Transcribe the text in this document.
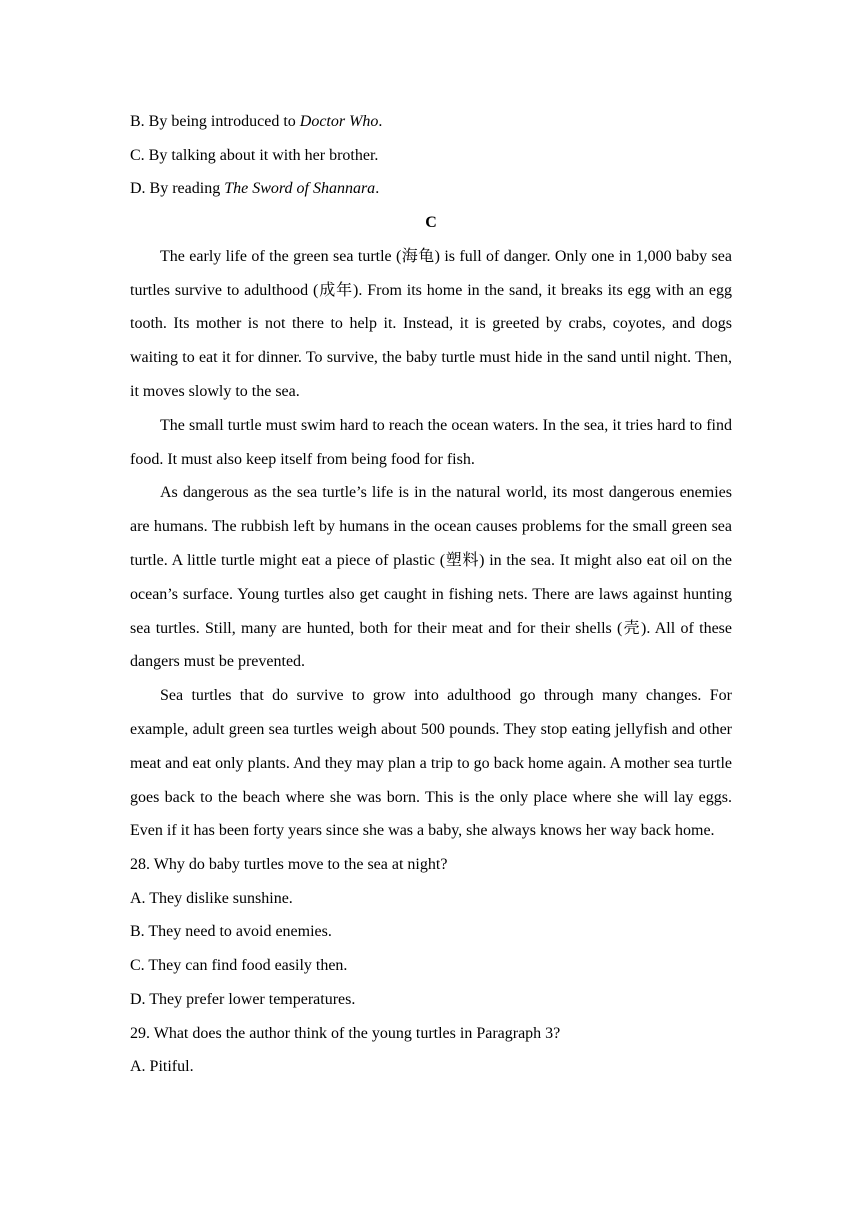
B. By being introduced to Doctor Who.
C. By talking about it with her brother.
D. By reading The Sword of Shannara.
C

The early life of the green sea turtle (海龟) is full of danger. Only one in 1,000 baby sea turtles survive to adulthood (成年). From its home in the sand, it breaks its egg with an egg tooth. Its mother is not there to help it. Instead, it is greeted by crabs, coyotes, and dogs waiting to eat it for dinner. To survive, the baby turtle must hide in the sand until night. Then, it moves slowly to the sea.

The small turtle must swim hard to reach the ocean waters. In the sea, it tries hard to find food. It must also keep itself from being food for fish.

As dangerous as the sea turtle’s life is in the natural world, its most dangerous enemies are humans. The rubbish left by humans in the ocean causes problems for the small green sea turtle. A little turtle might eat a piece of plastic (塑料) in the sea. It might also eat oil on the ocean’s surface. Young turtles also get caught in fishing nets. There are laws against hunting sea turtles. Still, many are hunted, both for their meat and for their shells (壳). All of these dangers must be prevented.

Sea turtles that do survive to grow into adulthood go through many changes. For example, adult green sea turtles weigh about 500 pounds. They stop eating jellyfish and other meat and eat only plants. And they may plan a trip to go back home again. A mother sea turtle goes back to the beach where she was born. This is the only place where she will lay eggs. Even if it has been forty years since she was a baby, she always knows her way back home.

28. Why do baby turtles move to the sea at night?
A. They dislike sunshine.
B. They need to avoid enemies.
C. They can find food easily then.
D. They prefer lower temperatures.
29. What does the author think of the young turtles in Paragraph 3?
A. Pitiful.
